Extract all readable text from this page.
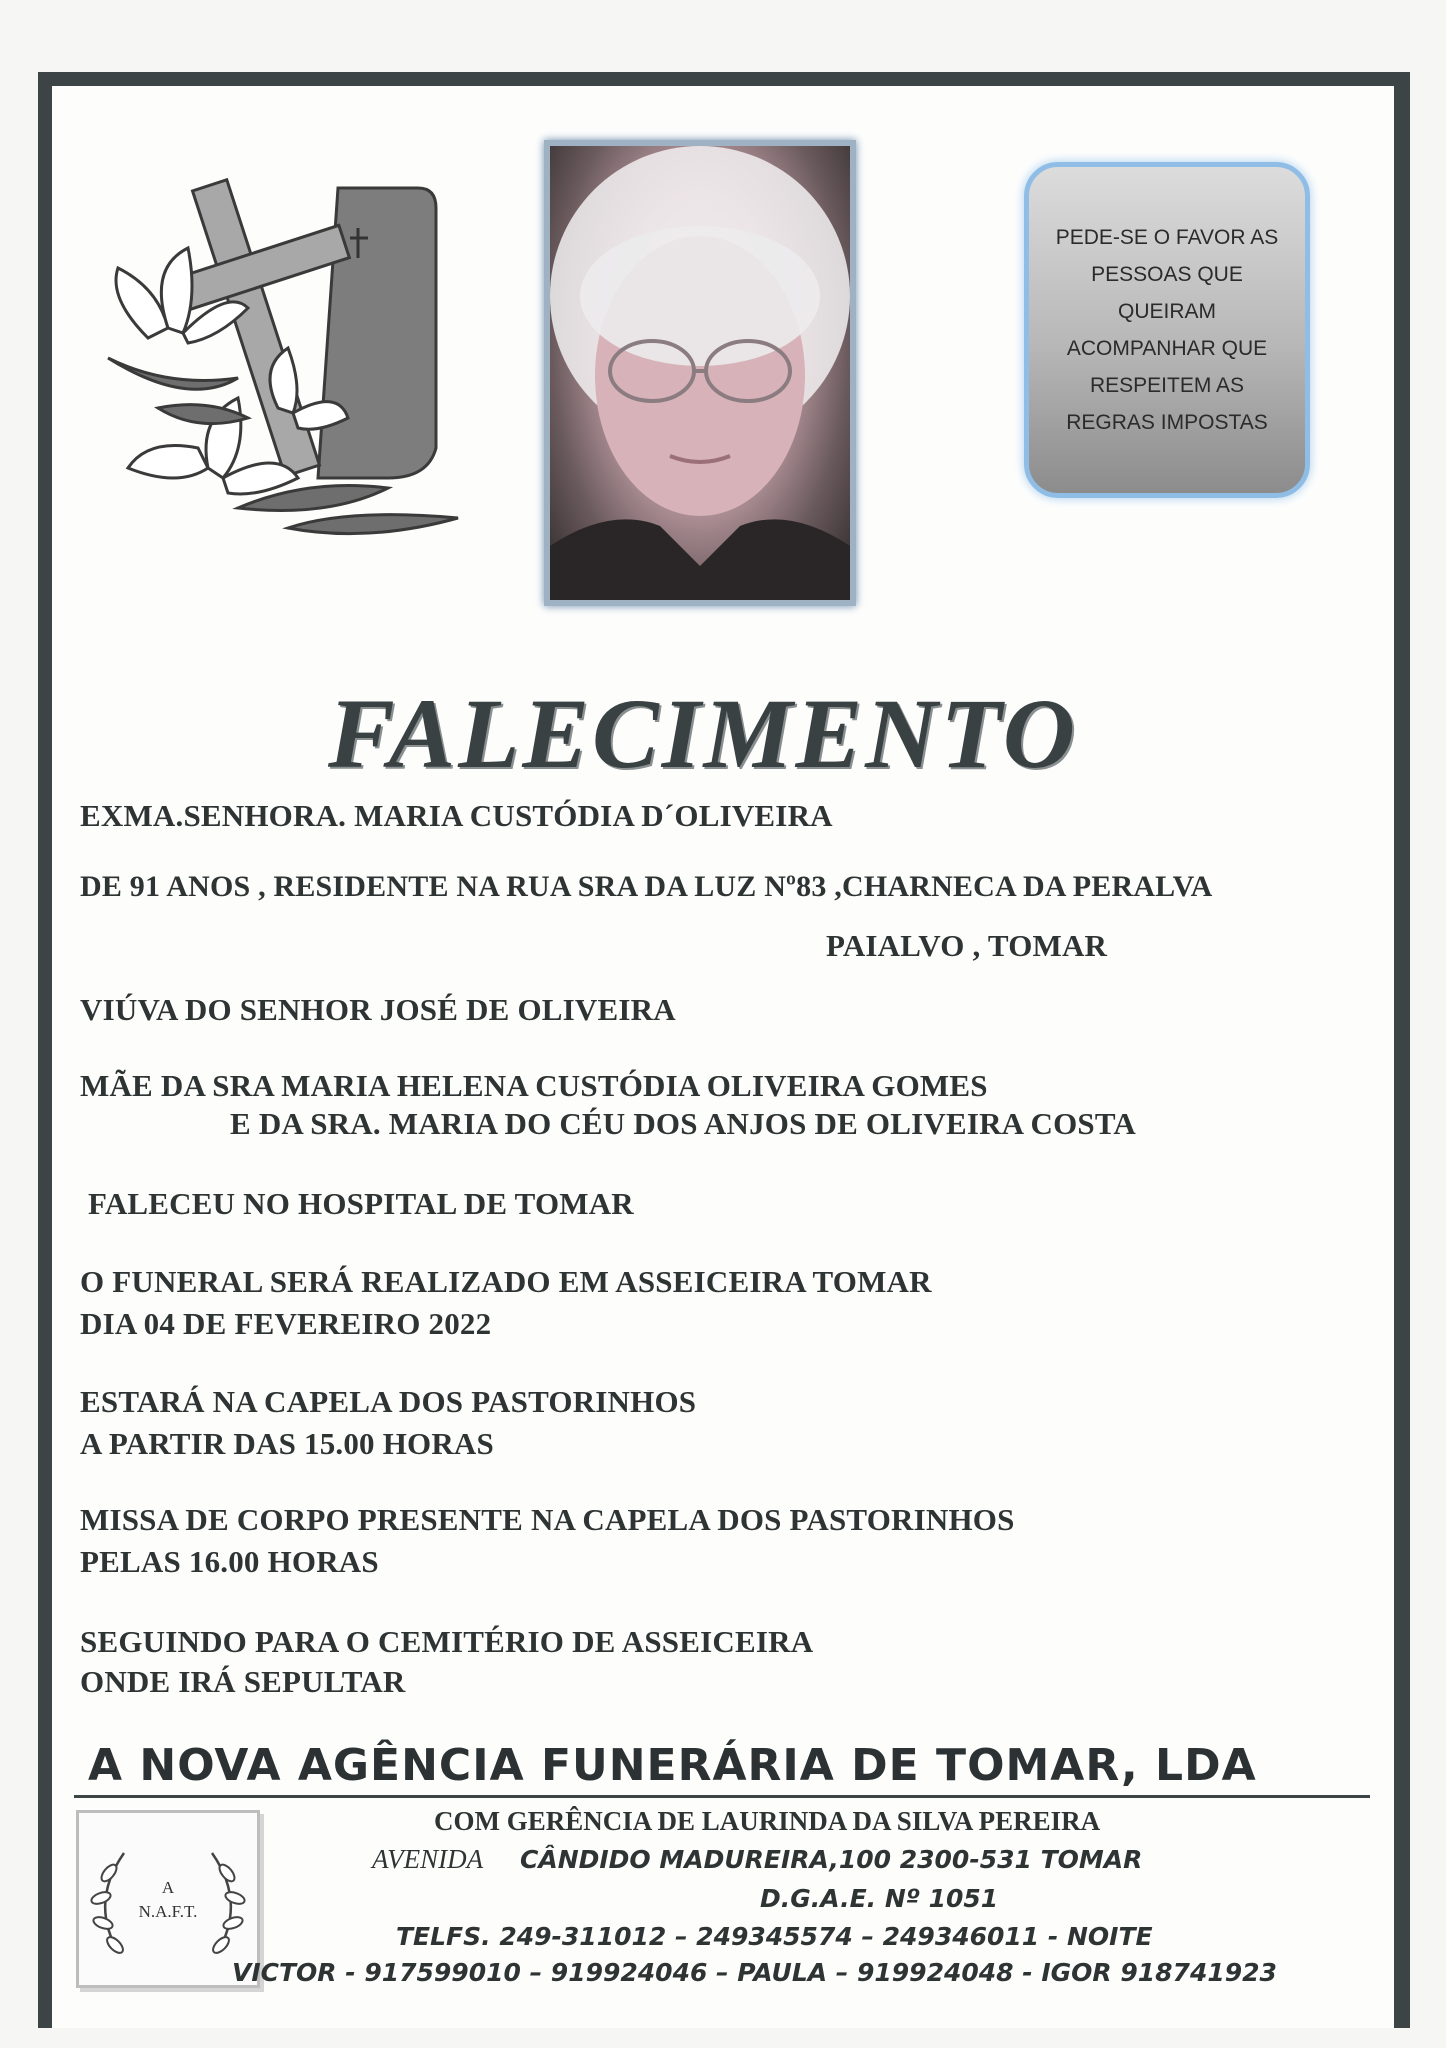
PEDE-SE O FAVOR AS
PESSOAS QUE
QUEIRAM
ACOMPANHAR QUE
RESPEITEM AS
REGRAS IMPOSTAS
FALECIMENTO
EXMA.SENHORA. MARIA CUSTÓDIA D´OLIVEIRA
DE 91 ANOS , RESIDENTE NA RUA SRA DA LUZ Nº83 ,CHARNECA DA PERALVA
PAIALVO , TOMAR
VIÚVA DO SENHOR JOSÉ DE OLIVEIRA
MÃE DA SRA MARIA HELENA CUSTÓDIA OLIVEIRA GOMES
E DA SRA. MARIA DO CÉU DOS ANJOS DE OLIVEIRA COSTA
FALECEU NO HOSPITAL DE TOMAR
O FUNERAL SERÁ REALIZADO EM ASSEICEIRA TOMAR
DIA 04 DE FEVEREIRO 2022
ESTARÁ NA CAPELA DOS PASTORINHOS
A PARTIR DAS 15.00 HORAS
MISSA DE CORPO PRESENTE NA CAPELA DOS PASTORINHOS
PELAS 16.00 HORAS
SEGUINDO PARA O CEMITÉRIO DE ASSEICEIRA
ONDE IRÁ SEPULTAR
A NOVA AGÊNCIA FUNERÁRIA DE TOMAR, LDA
A
N.A.F.T.
COM GERÊNCIA DE LAURINDA DA SILVA PEREIRA
AVENIDA CÂNDIDO MADUREIRA,100 2300-531 TOMAR
D.G.A.E. Nº 1051
TELFS. 249-311012 – 249345574 – 249346011 - NOITE
VICTOR - 917599010 – 919924046 – PAULA – 919924048 - IGOR 918741923
